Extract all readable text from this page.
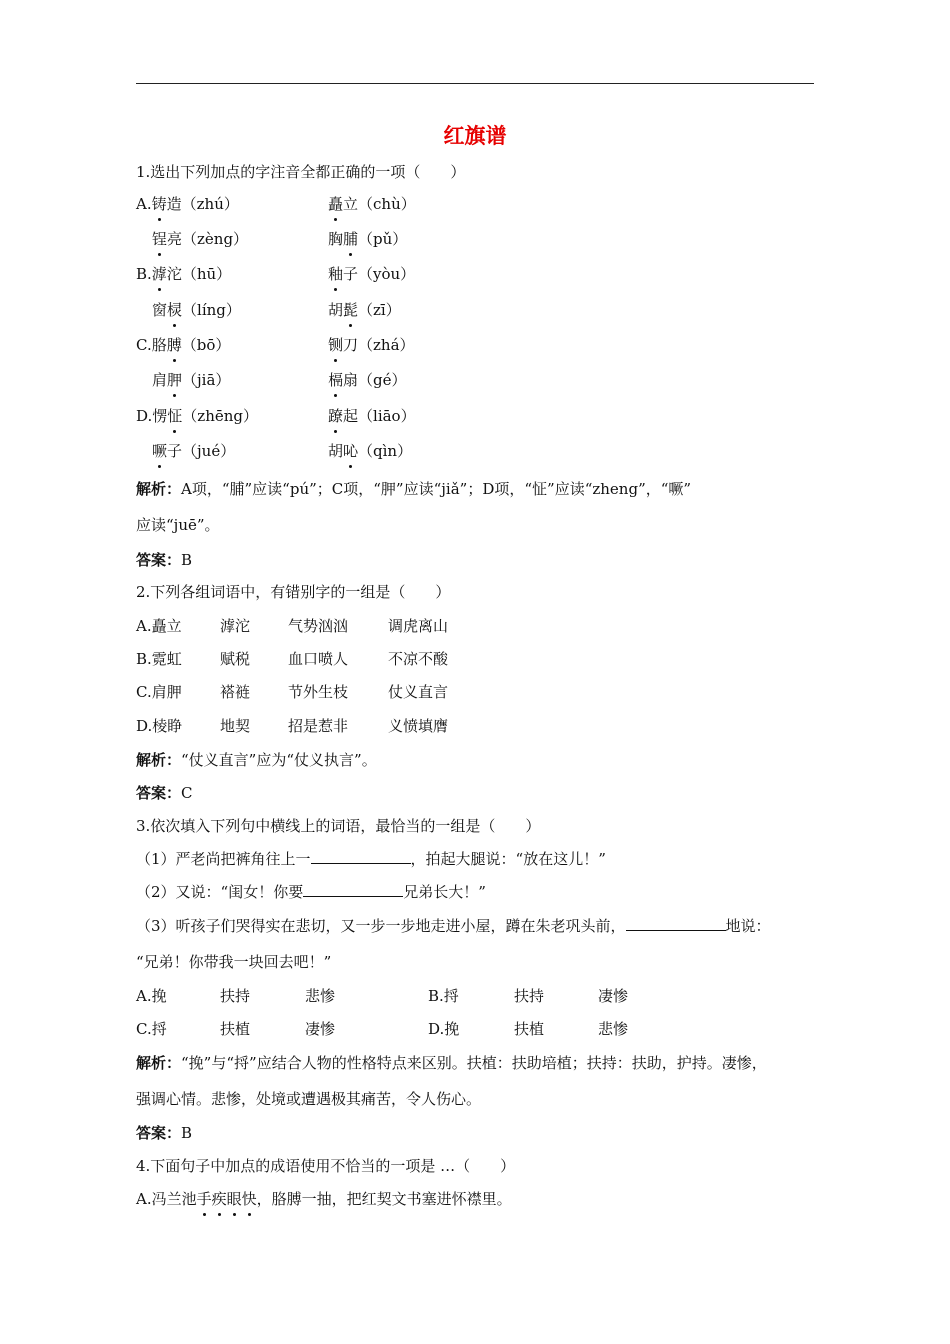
红旗谱
1.选出下列加点的字注音全都正确的一项（　　）
A.铸造（zhú）	矗立（chù）
锃亮（zèng）	胸脯（pǔ）
B.滹沱（hū）	釉子（yòu）
窗棂（líng）	胡髭（zī）
C.胳膊（bō）	铡刀（zhá）
肩胛（jiā）	槅扇（gé）
D.愣怔（zhēng）	蹽起（liāo）
噘子（jué）	胡吣（qìn）
解析：A项，“脯”应读“pú”；C项，“胛”应读“jiǎ”；D项，“怔”应读“zheng”，“噘”
应读“juē”。
答案：B
2.下列各组词语中，有错别字的一组是（　　）
A.矗立	滹沱	气势汹汹	调虎离山
B.霓虹	赋税	血口喷人	不凉不酸
C.肩胛	褡裢	节外生枝	仗义直言
D.棱睁	地契	招是惹非	义愤填膺
解析：“仗义直言”应为“仗义执言”。
答案：C
3.依次填入下列句中横线上的词语，最恰当的一组是（　　）
（1）严老尚把裤角往上一	，拍起大腿说：“放在这儿！”
（2）又说：“闺女！你要	兄弟长大！”
（3）听孩子们哭得实在悲切，又一步一步地走进小屋，蹲在朱老巩头前，	地说：
“兄弟！你带我一块回去吧！”
A.挽	扶持	悲惨	B.捋	扶持	凄惨
C.捋	扶植	凄惨	D.挽	扶植	悲惨
解析：“挽”与“捋”应结合人物的性格特点来区别。扶植：扶助培植；扶持：扶助，护持。凄惨，
强调心情。悲惨，处境或遭遇极其痛苦，令人伤心。
答案：B
4.下面句子中加点的成语使用不恰当的一项是 …（　　）
A.冯兰池手疾眼快，胳膊一抽，把红契文书塞进怀襟里。
